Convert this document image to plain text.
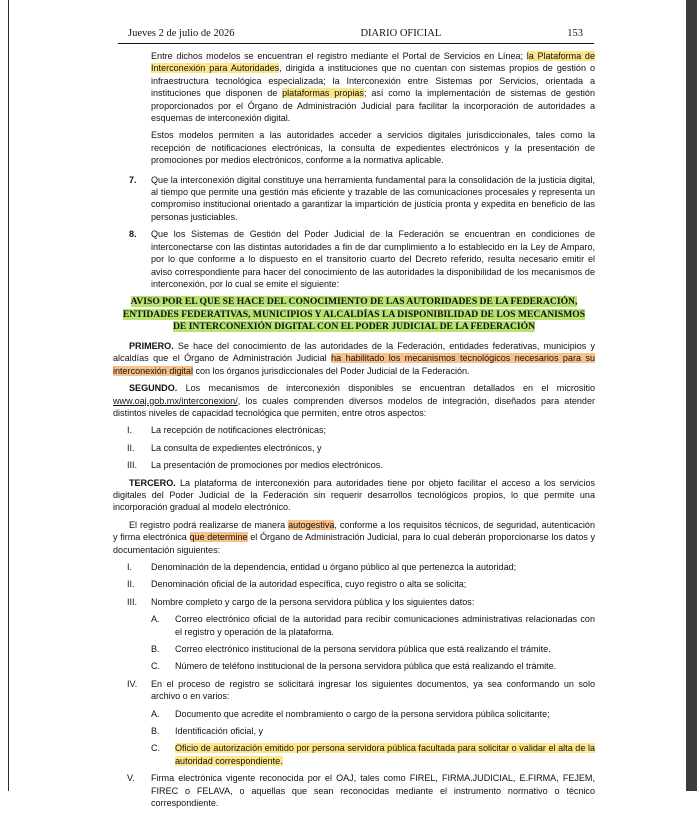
Jueves 2 de julio de 2026	DIARIO OFICIAL	153

Entre dichos modelos se encuentran el registro mediante el Portal de Servicios en Línea; la Plataforma de Interconexión para Autoridades, dirigida a instituciones que no cuentan con sistemas propios de gestión o infraestructura tecnológica especializada; la Interconexión entre Sistemas por Servicios, orientada a instituciones que disponen de plataformas propias; así como la implementación de sistemas de gestión proporcionados por el Órgano de Administración Judicial para facilitar la incorporación de autoridades a esquemas de interconexión digital.

Estos modelos permiten a las autoridades acceder a servicios digitales jurisdiccionales, tales como la recepción de notificaciones electrónicas, la consulta de expedientes electrónicos y la presentación de promociones por medios electrónicos, conforme a la normativa aplicable.

7.	Que la interconexión digital constituye una herramienta fundamental para la consolidación de la justicia digital, al tiempo que permite una gestión más eficiente y trazable de las comunicaciones procesales y representa un compromiso institucional orientado a garantizar la impartición de justicia pronta y expedita en beneficio de las personas justiciables.
8.	Que los Sistemas de Gestión del Poder Judicial de la Federación se encuentran en condiciones de interconectarse con las distintas autoridades a fin de dar cumplimiento a lo establecido en la Ley de Amparo, por lo que conforme a lo dispuesto en el transitorio cuarto del Decreto referido, resulta necesario emitir el aviso correspondiente para hacer del conocimiento de las autoridades la disponibilidad de los mecanismos de interconexión, por lo cual se emite el siguiente:
AVISO POR EL QUE SE HACE DEL CONOCIMIENTO DE LAS AUTORIDADES DE LA FEDERACIÓN, ENTIDADES FEDERATIVAS, MUNICIPIOS Y ALCALDÍAS LA DISPONIBILIDAD DE LOS MECANISMOS DE INTERCONEXIÓN DIGITAL CON EL PODER JUDICIAL DE LA FEDERACIÓN

PRIMERO. Se hace del conocimiento de las autoridades de la Federación, entidades federativas, municipios y alcaldías que el Órgano de Administración Judicial ha habilitado los mecanismos tecnológicos necesarios para su interconexión digital con los órganos jurisdiccionales del Poder Judicial de la Federación.

SEGUNDO. Los mecanismos de interconexión disponibles se encuentran detallados en el micrositio www.oaj.gob.mx/interconexion/, los cuales comprenden diversos modelos de integración, diseñados para atender distintos niveles de capacidad tecnológica que permiten, entre otros aspectos:

I.	La recepción de notificaciones electrónicas;
II.	La consulta de expedientes electrónicos, y
III.	La presentación de promociones por medios electrónicos.

TERCERO. La plataforma de interconexión para autoridades tiene por objeto facilitar el acceso a los servicios digitales del Poder Judicial de la Federación sin requerir desarrollos tecnológicos propios, lo que permite una incorporación gradual al modelo electrónico.

El registro podrá realizarse de manera autogestiva, conforme a los requisitos técnicos, de seguridad, autenticación y firma electrónica que determine el Órgano de Administración Judicial, para lo cual deberán proporcionarse los datos y documentación siguientes:

I.	Denominación de la dependencia, entidad u órgano público al que pertenezca la autoridad;
II.	Denominación oficial de la autoridad específica, cuyo registro o alta se solicita;
III.	Nombre completo y cargo de la persona servidora pública y los siguientes datos:
A.	Correo electrónico oficial de la autoridad para recibir comunicaciones administrativas relacionadas con el registro y operación de la plataforma.
B.	Correo electrónico institucional de la persona servidora pública que está realizando el trámite.
C.	Número de teléfono institucional de la persona servidora pública que está realizando el trámite.
IV.	En el proceso de registro se solicitará ingresar los siguientes documentos, ya sea conformando un solo archivo o en varios:
A.	Documento que acredite el nombramiento o cargo de la persona servidora pública solicitante;
B.	Identificación oficial, y
C.	Oficio de autorización emitido por persona servidora pública facultada para solicitar o validar el alta de la autoridad correspondiente.
V.	Firma electrónica vigente reconocida por el OAJ, tales como FIREL, FIRMA.JUDICIAL, E.FIRMA, FEJEM, FIREC o FELAVA, o aquellas que sean reconocidas mediante el instrumento normativo o técnico correspondiente.
